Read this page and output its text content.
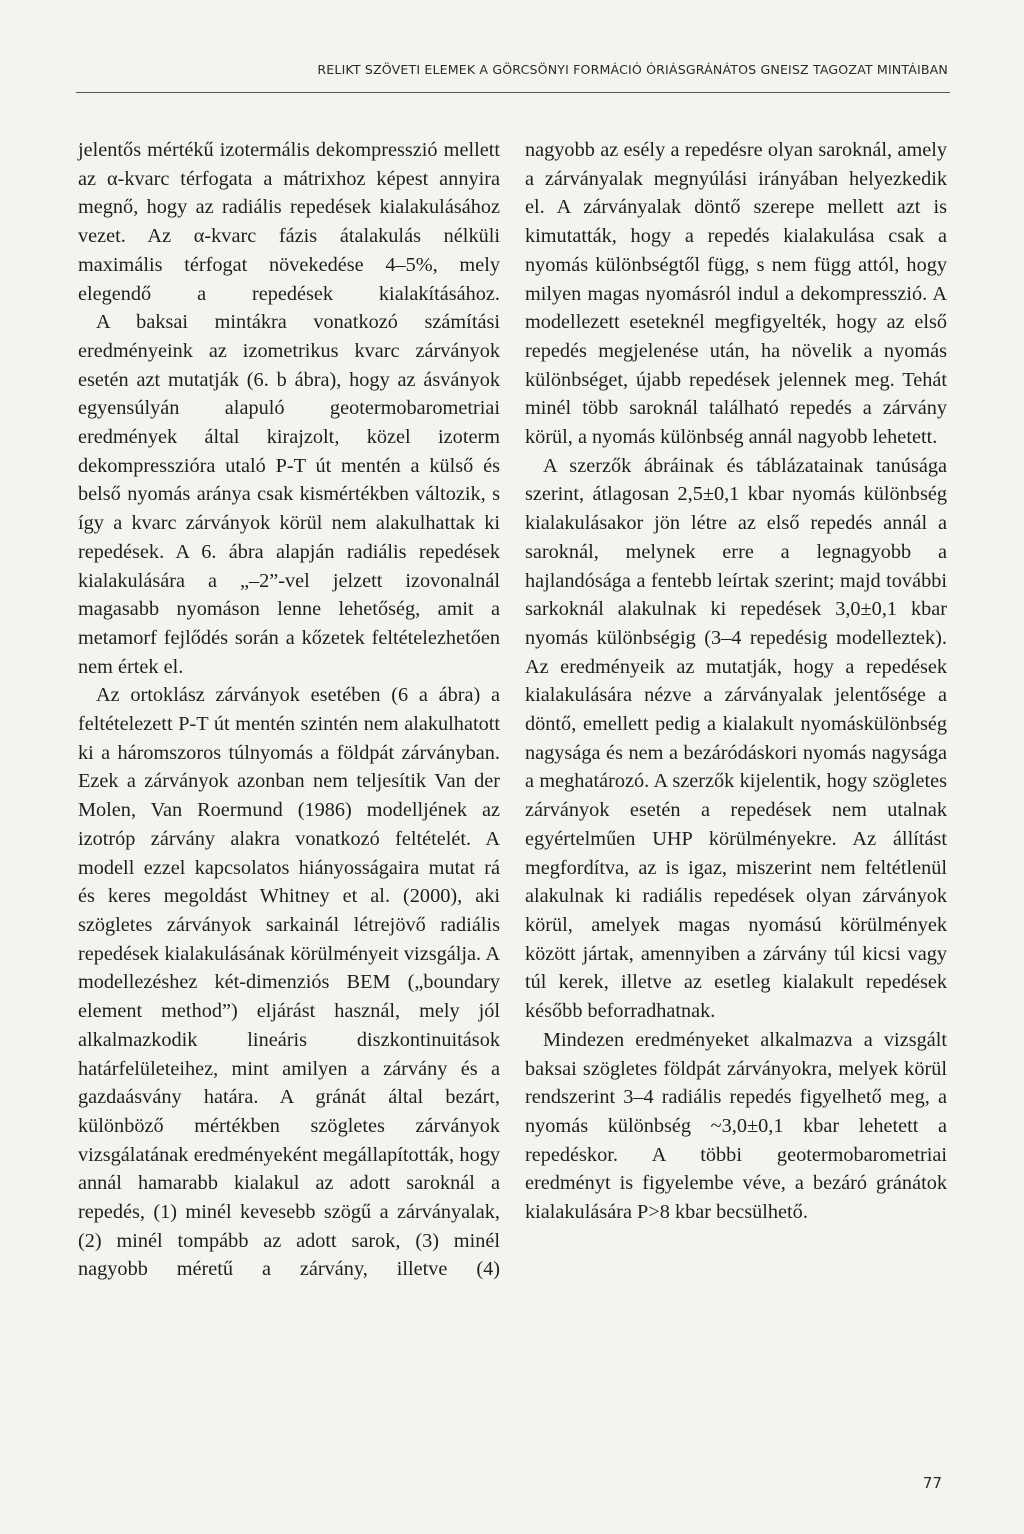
RELIKT SZÖVETI ELEMEK A GÖRCSÖNYI FORMÁCIÓ ÓRIÁSGRÁNÁTOS GNEISZ TAGOZAT MINTÁIBAN

jelentős mértékű izotermális dekompresszió mellett az α-kvarc térfogata a mátrixhoz képest annyira megnő, hogy az radiális repedések kialakulásához vezet. Az α-kvarc fázis átalakulás nélküli maximális térfogat növekedése 4–5%, mely elegendő a repedések kialakításához.

A baksai mintákra vonatkozó számítási eredményeink az izometrikus kvarc zárványok esetén azt mutatják (6. b ábra), hogy az ásványok egyensúlyán alapuló geotermobarometriai eredmények által kirajzolt, közel izoterm dekompresszióra utaló P-T út mentén a külső és belső nyomás aránya csak kismértékben változik, s így a kvarc zárványok körül nem alakulhattak ki repedések. A 6. ábra alapján radiális repedések kialakulására a „–2”-vel jelzett izovonalnál magasabb nyomáson lenne lehetőség, amit a metamorf fejlődés során a kőzetek feltételezhetően nem értek el.

Az ortoklász zárványok esetében (6 a ábra) a feltételezett P-T út mentén szintén nem alakulhatott ki a háromszoros túlnyomás a földpát zárványban. Ezek a zárványok azonban nem teljesítik Van der Molen, Van Roermund (1986) modelljének az izotróp zárvány alakra vonatkozó feltételét. A modell ezzel kapcsolatos hiányosságaira mutat rá és keres megoldást Whitney et al. (2000), aki szögletes zárványok sarkainál létrejövő radiális repedések kialakulásának körülményeit vizsgálja. A modellezéshez két-dimenziós BEM („boundary element method”) eljárást használ, mely jól alkalmazkodik lineáris diszkontinuitások határfelületeihez, mint amilyen a zárvány és a gazdaásvány határa. A gránát által bezárt, különböző mértékben szögletes zárványok vizsgálatának eredményeként megállapították, hogy annál hamarabb kialakul az adott saroknál a repedés, (1) minél kevesebb szögű a zárványalak, (2) minél tompább az adott sarok, (3) minél nagyobb méretű a zárvány, illetve (4)

nagyobb az esély a repedésre olyan saroknál, amely a zárványalak megnyúlási irányában helyezkedik el. A zárványalak döntő szerepe mellett azt is kimutatták, hogy a repedés kialakulása csak a nyomás különbségtől függ, s nem függ attól, hogy milyen magas nyomásról indul a dekompresszió. A modellezett eseteknél megfigyelték, hogy az első repedés megjelenése után, ha növelik a nyomás különbséget, újabb repedések jelennek meg. Tehát minél több saroknál található repedés a zárvány körül, a nyomás különbség annál nagyobb lehetett.

A szerzők ábráinak és táblázatainak tanúsága szerint, átlagosan 2,5±0,1 kbar nyomás különbség kialakulásakor jön létre az első repedés annál a saroknál, melynek erre a legnagyobb a hajlandósága a fentebb leírtak szerint; majd további sarkoknál alakulnak ki repedések 3,0±0,1 kbar nyomás különbségig (3–4 repedésig modelleztek). Az eredményeik az mutatják, hogy a repedések kialakulására nézve a zárványalak jelentősége a döntő, emellett pedig a kialakult nyomáskülönbség nagysága és nem a bezáródáskori nyomás nagysága a meghatározó. A szerzők kijelentik, hogy szögletes zárványok esetén a repedések nem utalnak egyértelműen UHP körülményekre. Az állítást megfordítva, az is igaz, miszerint nem feltétlenül alakulnak ki radiális repedések olyan zárványok körül, amelyek magas nyomású körülmények között jártak, amennyiben a zárvány túl kicsi vagy túl kerek, illetve az esetleg kialakult repedések később beforradhatnak.

Mindezen eredményeket alkalmazva a vizsgált baksai szögletes földpát zárványokra, melyek körül rendszerint 3–4 radiális repedés figyelhető meg, a nyomás különbség ~3,0±0,1 kbar lehetett a repedéskor. A többi geotermobarometriai eredményt is figyelembe véve, a bezáró gránátok kialakulására P>8 kbar becsülhető.

77
